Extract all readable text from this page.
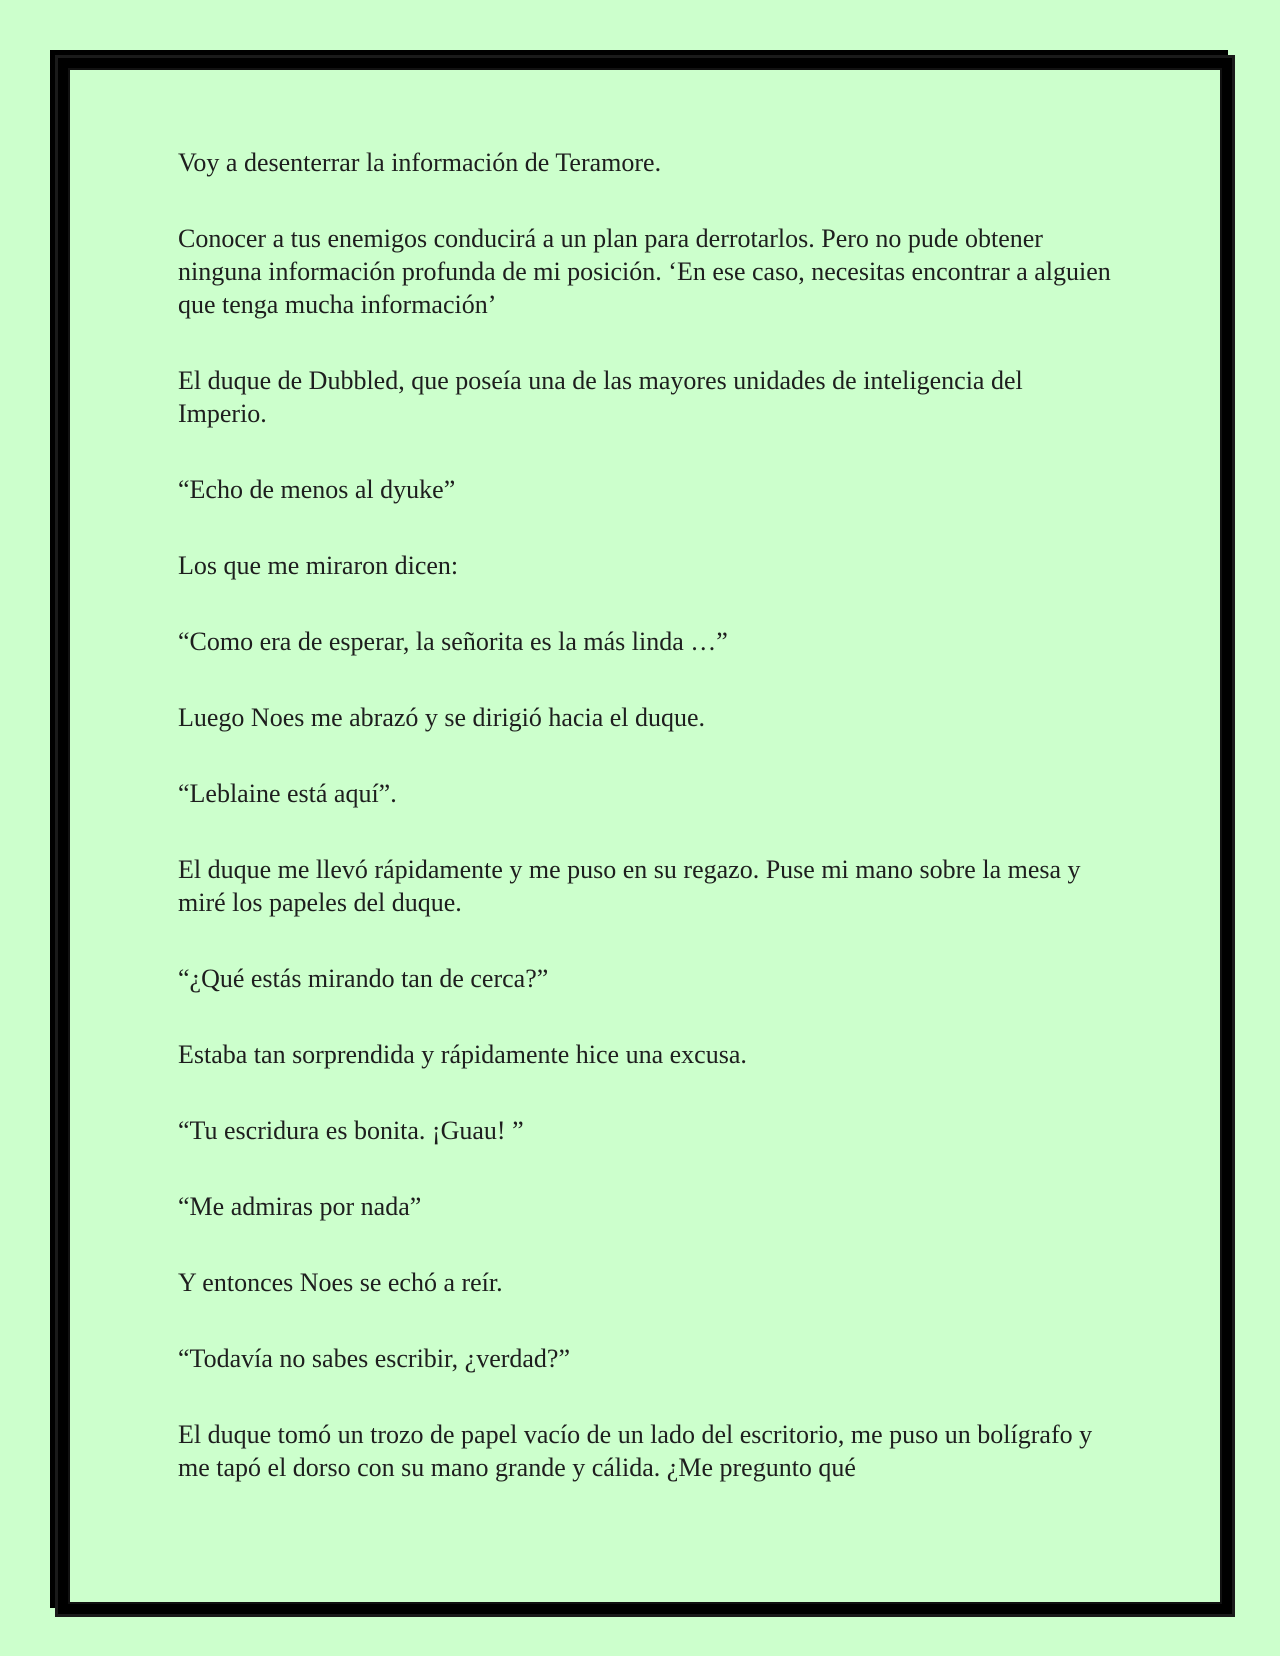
Voy a desenterrar la información de Teramore.

Conocer a tus enemigos conducirá a un plan para derrotarlos. Pero no pude obtener ninguna información profunda de mi posición. ‘En ese caso, necesitas encontrar a alguien que tenga mucha información’

El duque de Dubbled, que poseía una de las mayores unidades de inteligencia del Imperio.

“Echo de menos al dyuke”

Los que me miraron dicen:

“Como era de esperar, la señorita es la más linda …”

Luego Noes me abrazó y se dirigió hacia el duque.

“Leblaine está aquí”.

El duque me llevó rápidamente y me puso en su regazo. Puse mi mano sobre la mesa y miré los papeles del duque.

“¿Qué estás mirando tan de cerca?”

Estaba tan sorprendida y rápidamente hice una excusa.

“Tu escridura es bonita. ¡Guau! ”

“Me admiras por nada”

Y entonces Noes se echó a reír.

“Todavía no sabes escribir, ¿verdad?”

El duque tomó un trozo de papel vacío de un lado del escritorio, me puso un bolígrafo y me tapó el dorso con su mano grande y cálida. ¿Me pregunto qué
